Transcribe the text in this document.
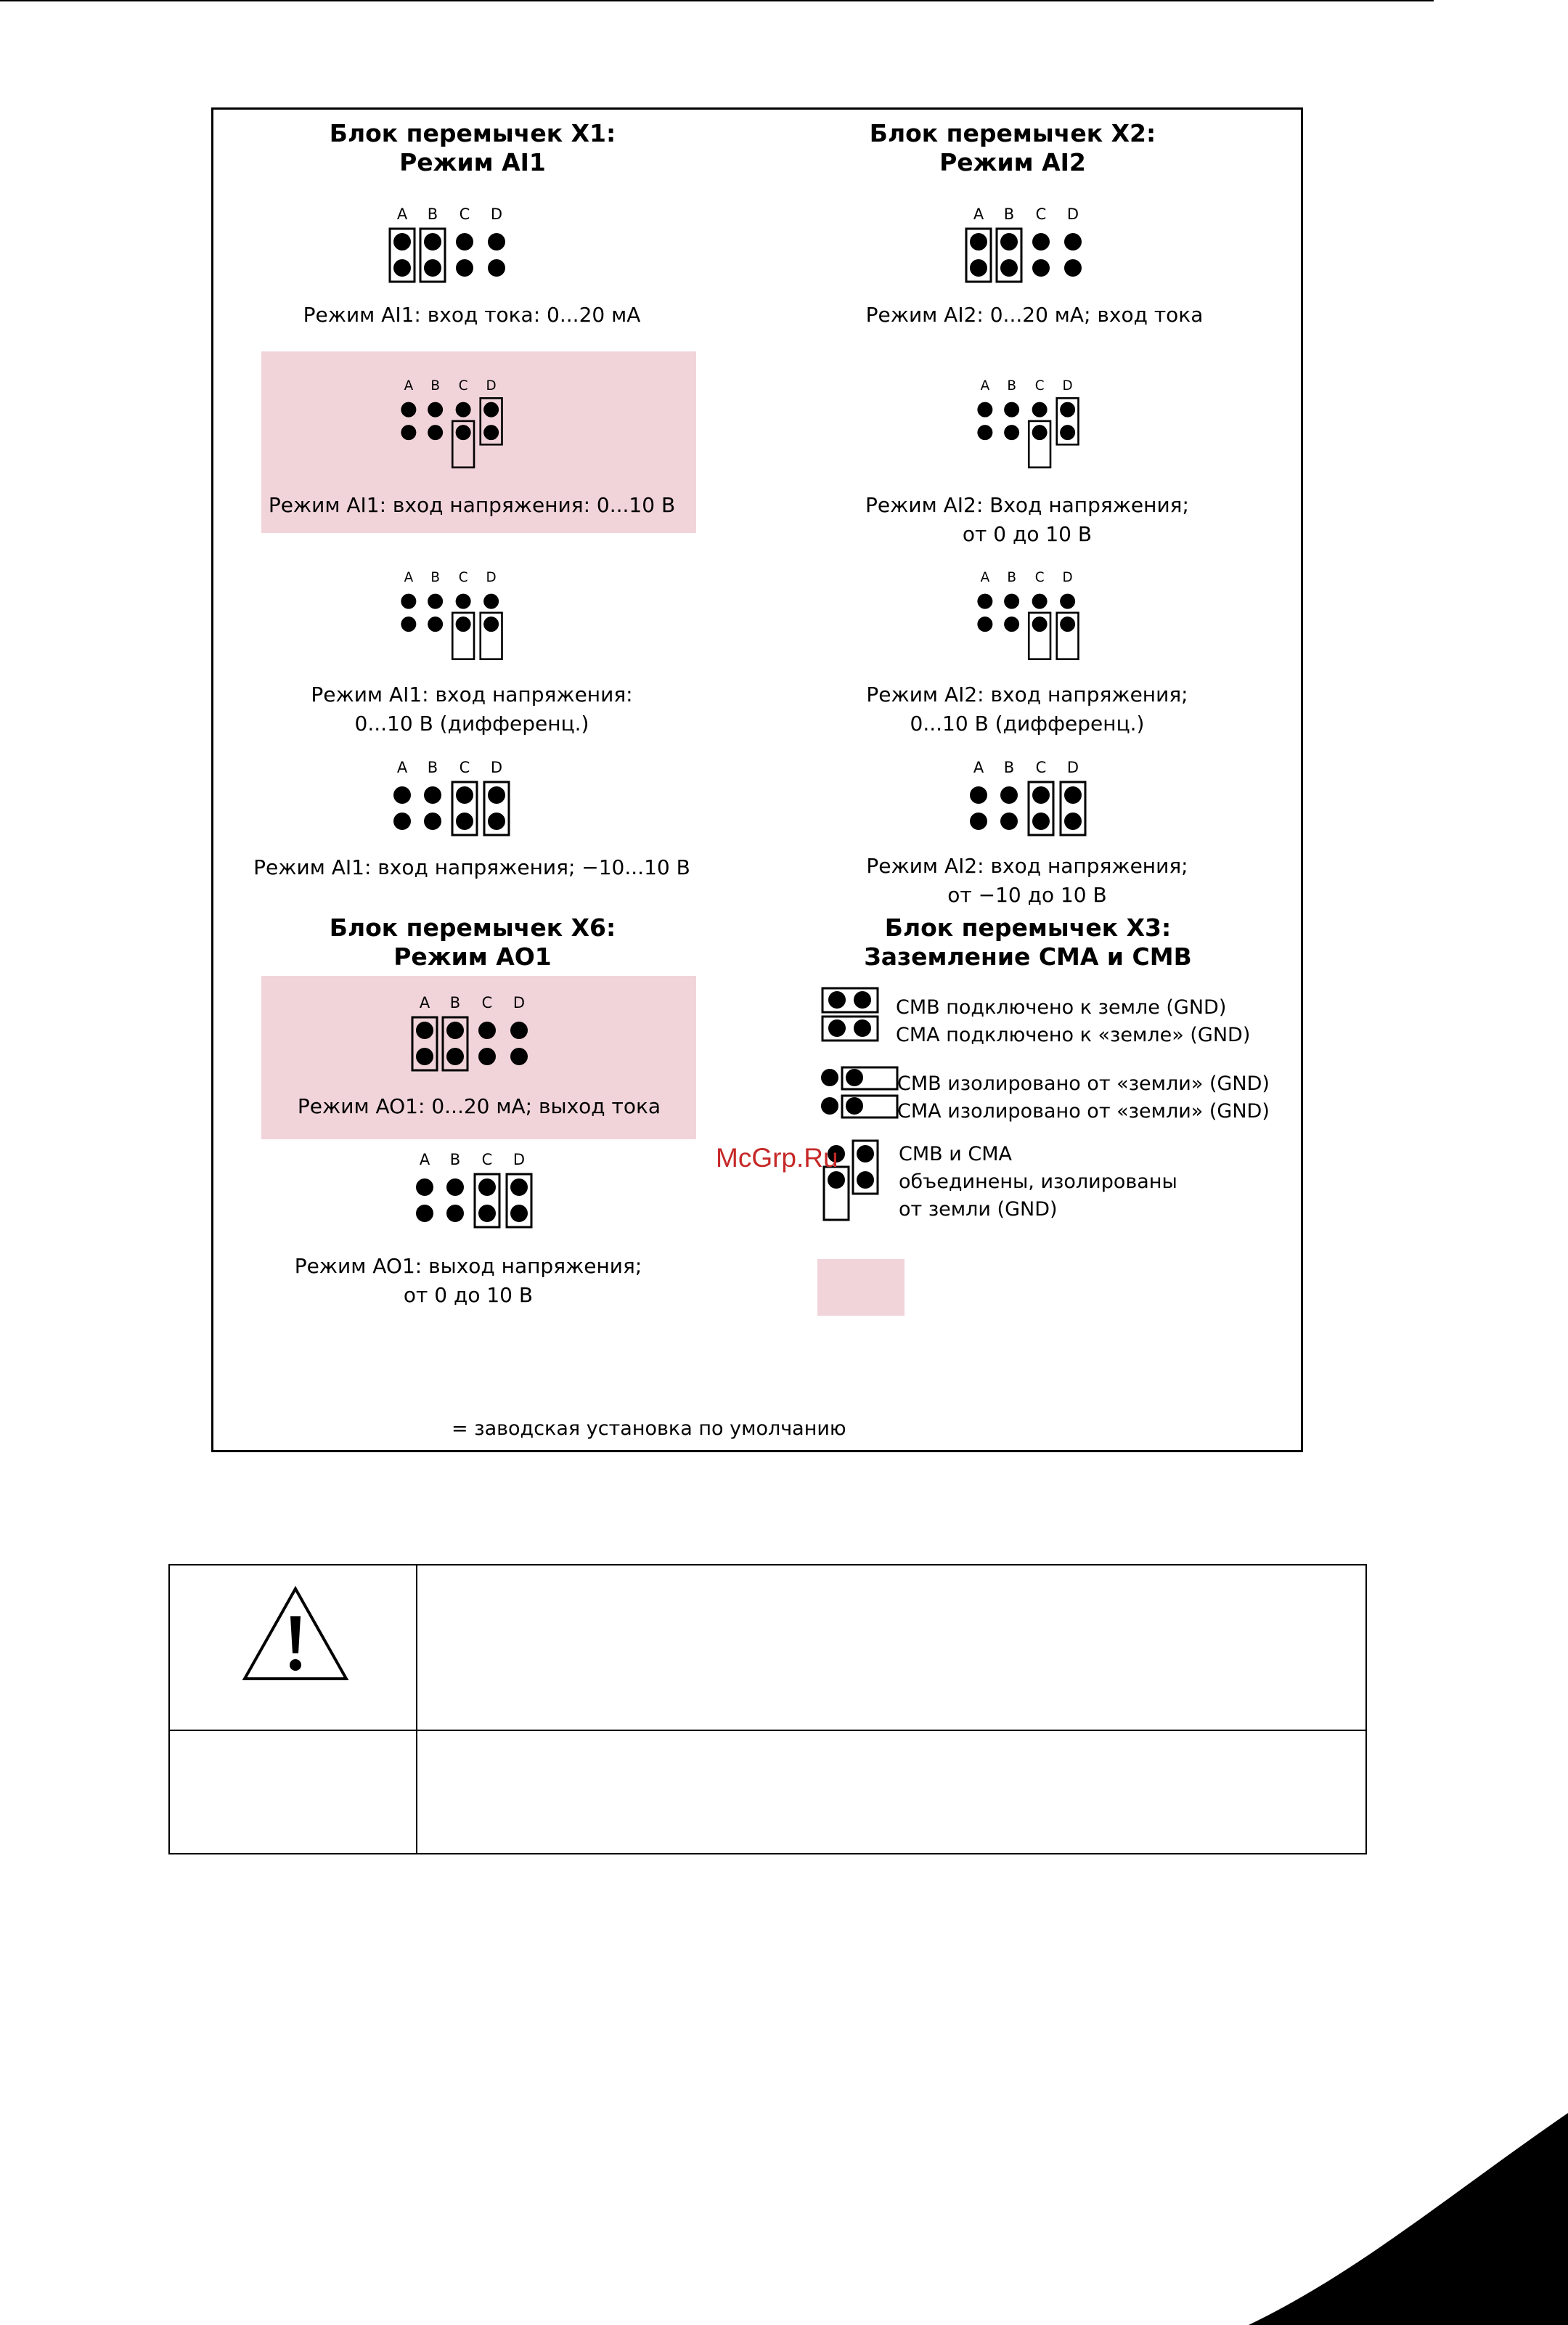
Блок перемычек X1:
Режим AI1
Блок перемычек X2:
Режим AI2
Блок перемычек X6:
Режим AO1
Блок перемычек X3:
Заземление CMA и CMB
A B C D
Режим AI1: вход тока: 0...20 мА
A B C D
Режим AI1: вход напряжения: 0...10 В
A B C D
Режим AI1: вход напряжения:
0...10 В (дифференц.)
A B C D
Режим AI1: вход напряжения; −10...10 В
A B C D
Режим AI2: 0...20 мА; вход тока
A B C D
Режим AI2: Вход напряжения;
от 0 до 10 В
A B C D
Режим AI2: вход напряжения;
0...10 В (дифференц.)
A B C D
Режим AI2: вход напряжения;
от −10 до 10 В
A B C D
Режим AO1: 0...20 мА; выход тока
A B C D
Режим AO1: выход напряжения;
от 0 до 10 В
CMB подключено к земле (GND)
CMA подключено к «земле» (GND)
CMB изолировано от «земли» (GND)
CMA изолировано от «земли» (GND)
CMB и CMA
объединены, изолированы
от земли (GND)
= заводская установка по умолчанию
McGrp.Ru
